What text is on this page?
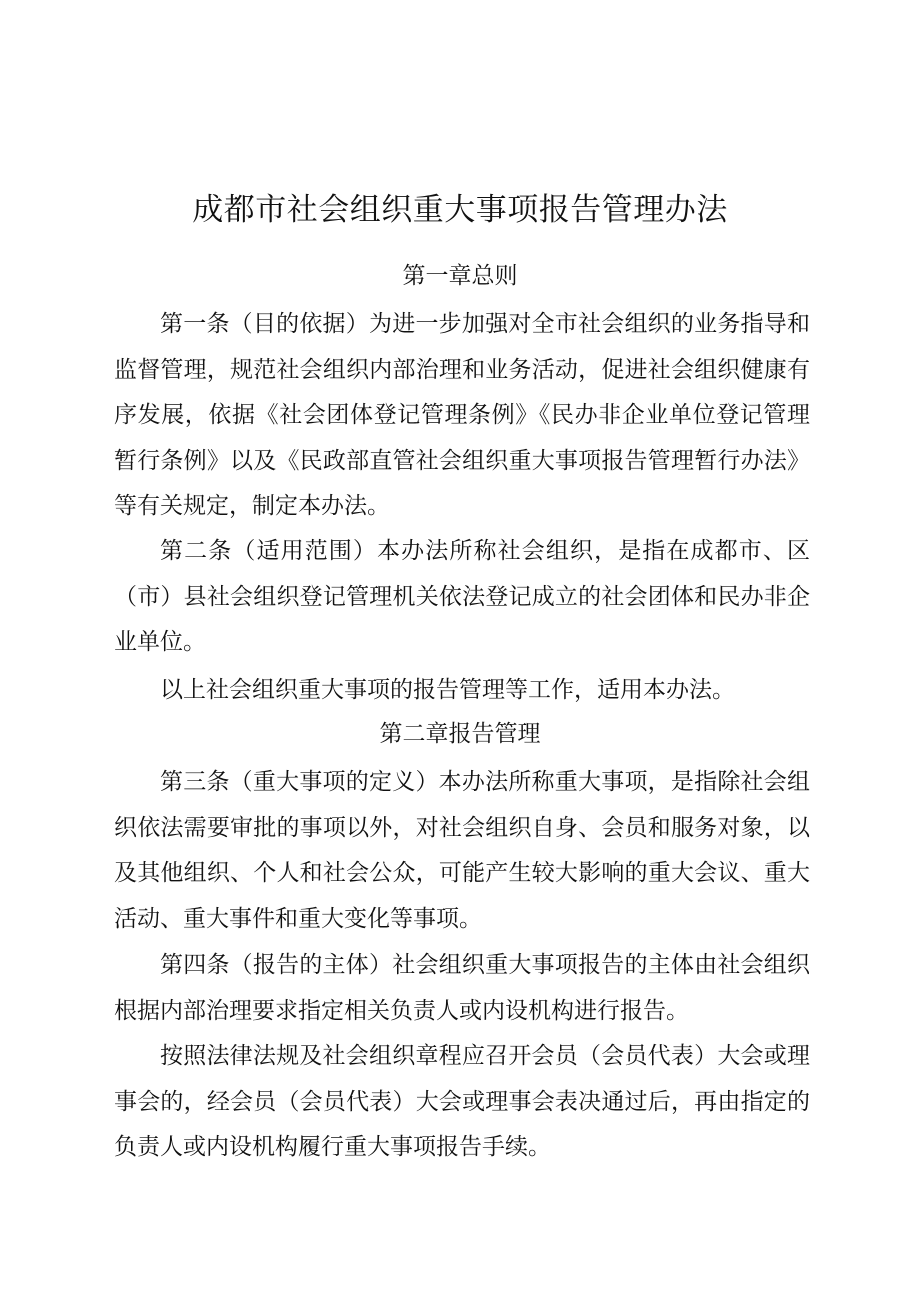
成都市社会组织重大事项报告管理办法
第一章总则

第一条（目的依据）为进一步加强对全市社会组织的业务指导和监督管理，规范社会组织内部治理和业务活动，促进社会组织健康有序发展，依据《社会团体登记管理条例》《民办非企业单位登记管理暂行条例》以及《民政部直管社会组织重大事项报告管理暂行办法》等有关规定，制定本办法。

第二条（适用范围）本办法所称社会组织，是指在成都市、区（市）县社会组织登记管理机关依法登记成立的社会团体和民办非企业单位。

以上社会组织重大事项的报告管理等工作，适用本办法。

第二章报告管理

第三条（重大事项的定义）本办法所称重大事项，是指除社会组织依法需要审批的事项以外，对社会组织自身、会员和服务对象，以及其他组织、个人和社会公众，可能产生较大影响的重大会议、重大活动、重大事件和重大变化等事项。

第四条（报告的主体）社会组织重大事项报告的主体由社会组织根据内部治理要求指定相关负责人或内设机构进行报告。

按照法律法规及社会组织章程应召开会员（会员代表）大会或理事会的，经会员（会员代表）大会或理事会表决通过后，再由指定的负责人或内设机构履行重大事项报告手续。
